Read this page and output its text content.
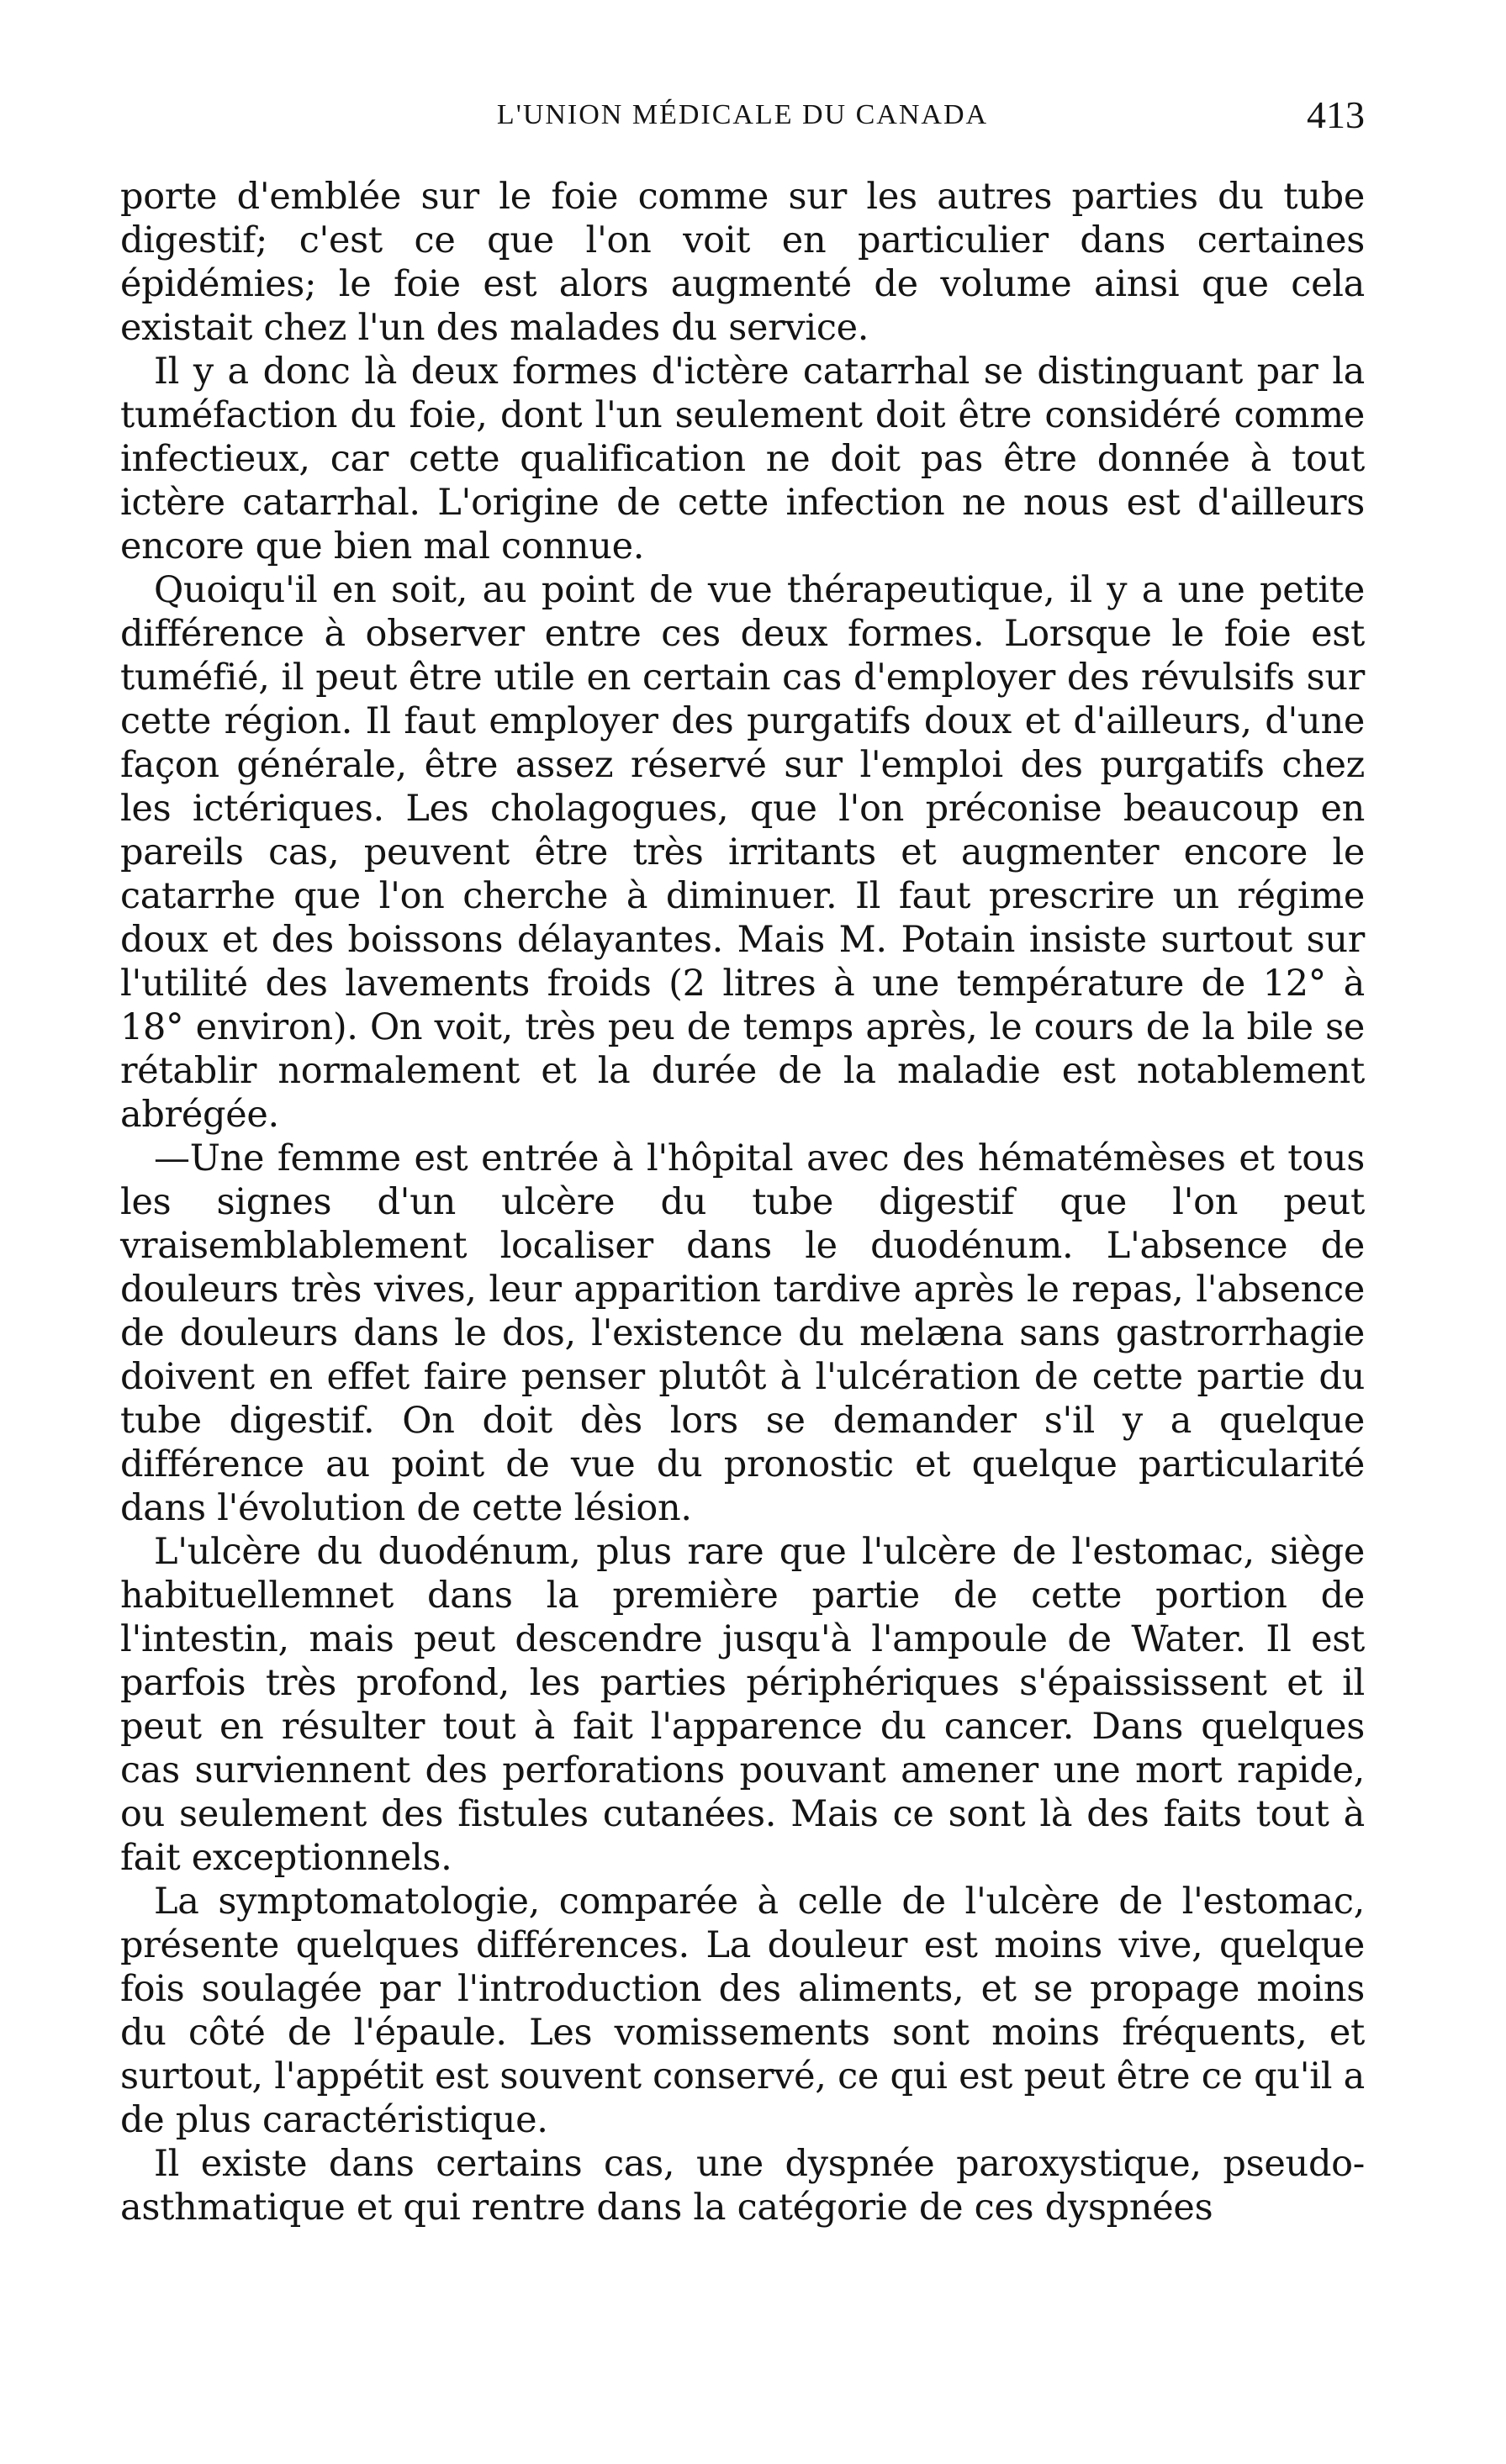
L'UNION MÉDICALE DU CANADA	413

porte d'emblée sur le foie comme sur les autres parties du tube digestif; c'est ce que l'on voit en particulier dans certaines épidémies; le foie est alors augmenté de volume ainsi que cela existait chez l'un des malades du service.

Il y a donc là deux formes d'ictère catarrhal se distinguant par la tuméfaction du foie, dont l'un seulement doit être considéré comme infectieux, car cette qualification ne doit pas être donnée à tout ictère catarrhal. L'origine de cette infection ne nous est d'ailleurs encore que bien mal connue.

Quoiqu'il en soit, au point de vue thérapeutique, il y a une petite différence à observer entre ces deux formes. Lorsque le foie est tuméfié, il peut être utile en certain cas d'employer des révulsifs sur cette région. Il faut employer des purgatifs doux et d'ailleurs, d'une façon générale, être assez réservé sur l'emploi des purgatifs chez les ictériques. Les cholagogues, que l'on préconise beaucoup en pareils cas, peuvent être très irritants et augmenter encore le catarrhe que l'on cherche à diminuer. Il faut prescrire un régime doux et des boissons délayantes. Mais M. Potain insiste surtout sur l'utilité des lavements froids (2 litres à une température de 12° à 18° environ). On voit, très peu de temps après, le cours de la bile se rétablir normalement et la durée de la maladie est notablement abrégée.

—Une femme est entrée à l'hôpital avec des hématémèses et tous les signes d'un ulcère du tube digestif que l'on peut vraisemblablement localiser dans le duodénum. L'absence de douleurs très vives, leur apparition tardive après le repas, l'absence de douleurs dans le dos, l'existence du melæna sans gastrorrhagie doivent en effet faire penser plutôt à l'ulcération de cette partie du tube digestif. On doit dès lors se demander s'il y a quelque différence au point de vue du pronostic et quelque particularité dans l'évolution de cette lésion.

L'ulcère du duodénum, plus rare que l'ulcère de l'estomac, siège habituellemnet dans la première partie de cette portion de l'intestin, mais peut descendre jusqu'à l'ampoule de Water. Il est parfois très profond, les parties périphériques s'épaississent et il peut en résulter tout à fait l'apparence du cancer. Dans quelques cas surviennent des perforations pouvant amener une mort rapide, ou seulement des fistules cutanées. Mais ce sont là des faits tout à fait exceptionnels.

La symptomatologie, comparée à celle de l'ulcère de l'estomac, présente quelques différences. La douleur est moins vive, quelque fois soulagée par l'introduction des aliments, et se propage moins du côté de l'épaule. Les vomissements sont moins fréquents, et surtout, l'appétit est souvent conservé, ce qui est peut être ce qu'il a de plus caractéristique.

Il existe dans certains cas, une dyspnée paroxystique, pseudo-asthmatique et qui rentre dans la catégorie de ces dyspnées
